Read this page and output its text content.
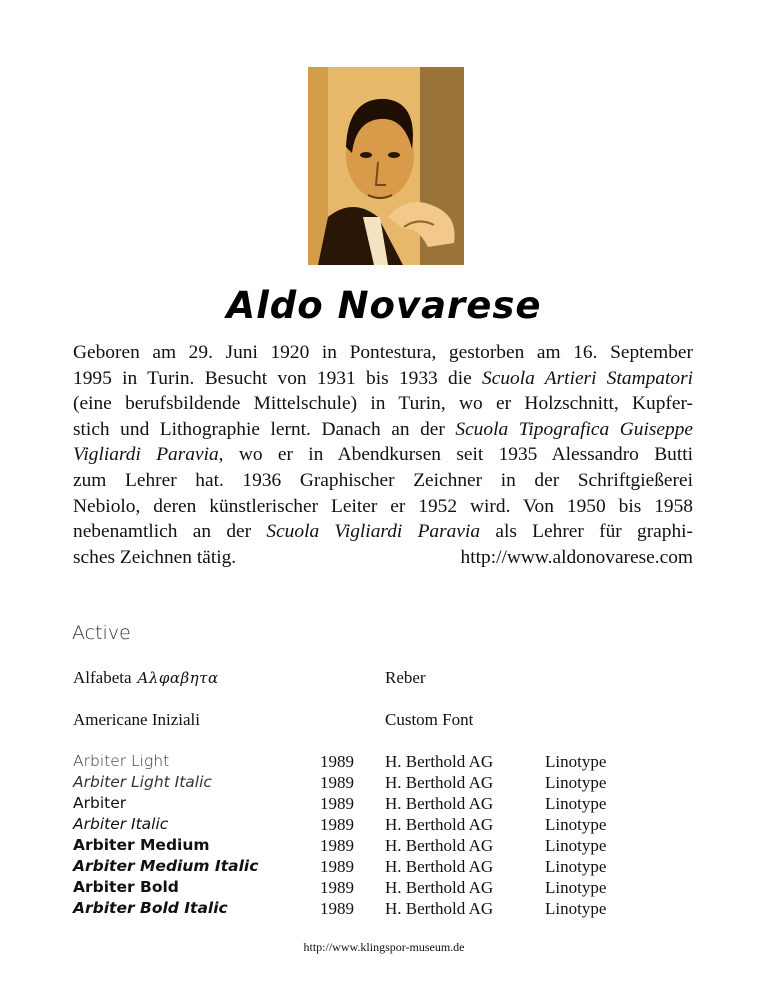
Aldo Novarese
Geboren am 29. Juni 1920 in Pontestura, gestorben am 16. September
1995 in Turin. Besucht von 1931 bis 1933 die Scuola Artieri Stampatori
(eine berufsbildende Mittelschule) in Turin, wo er Holzschnitt, Kupfer-
stich und Lithographie lernt. Danach an der Scuola Tipografica Guiseppe
Vigliardi Paravia, wo er in Abendkursen seit 1935 Alessandro Butti
zum Lehrer hat. 1936 Graphischer Zeichner in der Schriftgießerei
Nebiolo, deren künstlerischer Leiter er 1952 wird. Von 1950 bis 1958
nebenamtlich an der Scuola Vigliardi Paravia als Lehrer für graphi-
sches Zeichnen tätig.	http://www.aldonovarese.com
Active
Alfabeta Αλφαβητα	Reber
Americane Iniziali	Custom Font
Arbiter Light	1989 H. Berthold AG	Linotype
Arbiter Light Italic	1989 H. Berthold AG	Linotype
Arbiter	1989 H. Berthold AG	Linotype
Arbiter Italic	1989 H. Berthold AG	Linotype
Arbiter Medium	1989 H. Berthold AG	Linotype
Arbiter Medium Italic	1989 H. Berthold AG	Linotype
Arbiter Bold	1989 H. Berthold AG	Linotype
Arbiter Bold Italic	1989 H. Berthold AG	Linotype
http://www.klingspor-museum.de
